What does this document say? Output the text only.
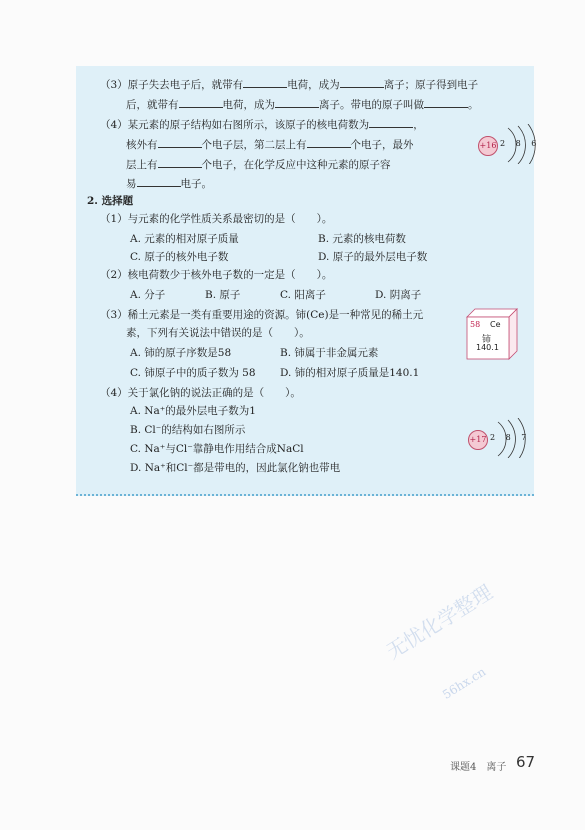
（3）原子失去电子后，就带有	电荷，成为	离子；原子得到电子
后，就带有	电荷，成为	离子。带电的原子叫做	。
（4）某元素的原子结构如右图所示，该原子的核电荷数为	，
核外有	个电子层，第二层上有	个电子，最外
层上有	个电子，在化学反应中这种元素的原子容
易	电子。
+16 2 8 6
2. 选择题
（1）与元素的化学性质关系最密切的是（　　）。
A. 元素的相对原子质量	B. 元素的核电荷数
C. 原子的核外电子数	D. 原子的最外层电子数
（2）核电荷数少于核外电子数的一定是（　　）。
A. 分子	B. 原子	C. 阳离子	D. 阴离子
（3）稀土元素是一类有重要用途的资源。铈(Ce)是一种常见的稀土元
素，下列有关说法中错误的是（　　）。
A. 铈的原子序数是58	B. 铈属于非金属元素
C. 铈原子中的质子数为 58 D. 铈的相对原子质量是140.1
58 Ce
铈
140.1
（4）关于氯化钠的说法正确的是（　　）。
A. Na⁺的最外层电子数为1
B. Cl⁻的结构如右图所示
C. Na⁺与Cl⁻靠静电作用结合成NaCl
D. Na⁺和Cl⁻都是带电的，因此氯化钠也带电
+17 2 8 7
无忧化学整理
56hx.cn
课题4　离子 67
